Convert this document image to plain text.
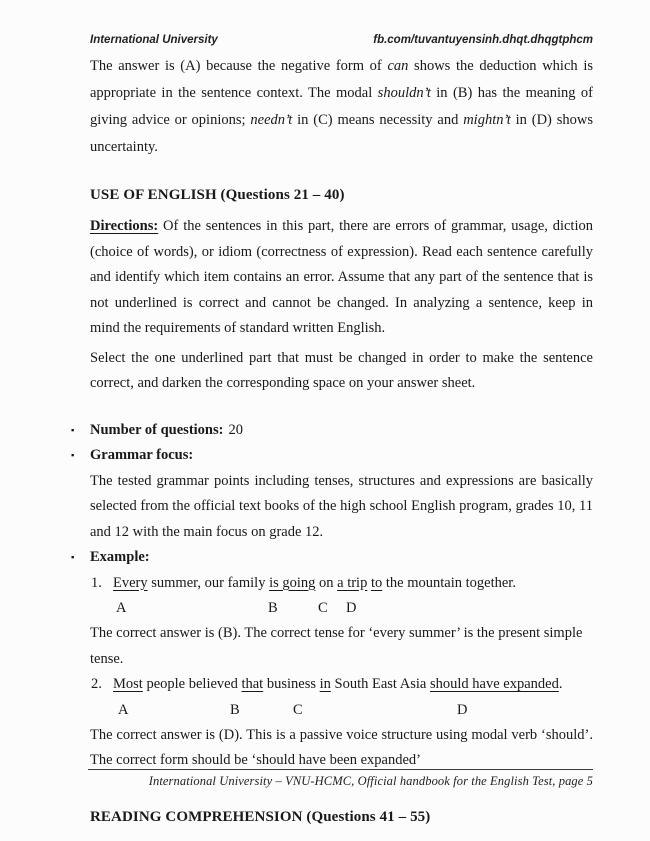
International University	fb.com/tuvantuyensinh.dhqt.dhqgtphcm

The answer is (A) because the negative form of can shows the deduction which is appropriate in the sentence context. The modal shouldn’t in (B) has the meaning of giving advice or opinions; needn’t in (C) means necessity and mightn’t in (D) shows uncertainty.

USE OF ENGLISH (Questions 21 – 40)

Directions: Of the sentences in this part, there are errors of grammar, usage, diction (choice of words), or idiom (correctness of expression). Read each sentence carefully and identify which item contains an error. Assume that any part of the sentence that is not underlined is correct and cannot be changed. In analyzing a sentence, keep in mind the requirements of standard written English.

Select the one underlined part that must be changed in order to make the sentence correct, and darken the corresponding space on your answer sheet.

▪ Number of questions: 20
▪ Grammar focus:

The tested grammar points including tenses, structures and expressions are basically selected from the official text books of the high school English program, grades 10, 11 and 12 with the main focus on grade 12.

▪ Example:
1. Every summer, our family is going on a trip to the mountain together.
A	B	C D

The correct answer is (B). The correct tense for ‘every summer’ is the present simple tense.

2. Most people believed that business in South East Asia should have expanded.
A	B	C	D

The correct answer is (D). This is a passive voice structure using modal verb ‘should’. The correct form should be ‘should have been expanded’

READING COMPREHENSION (Questions 41 – 55)
International University – VNU-HCMC, Official handbook for the English Test, page 5
